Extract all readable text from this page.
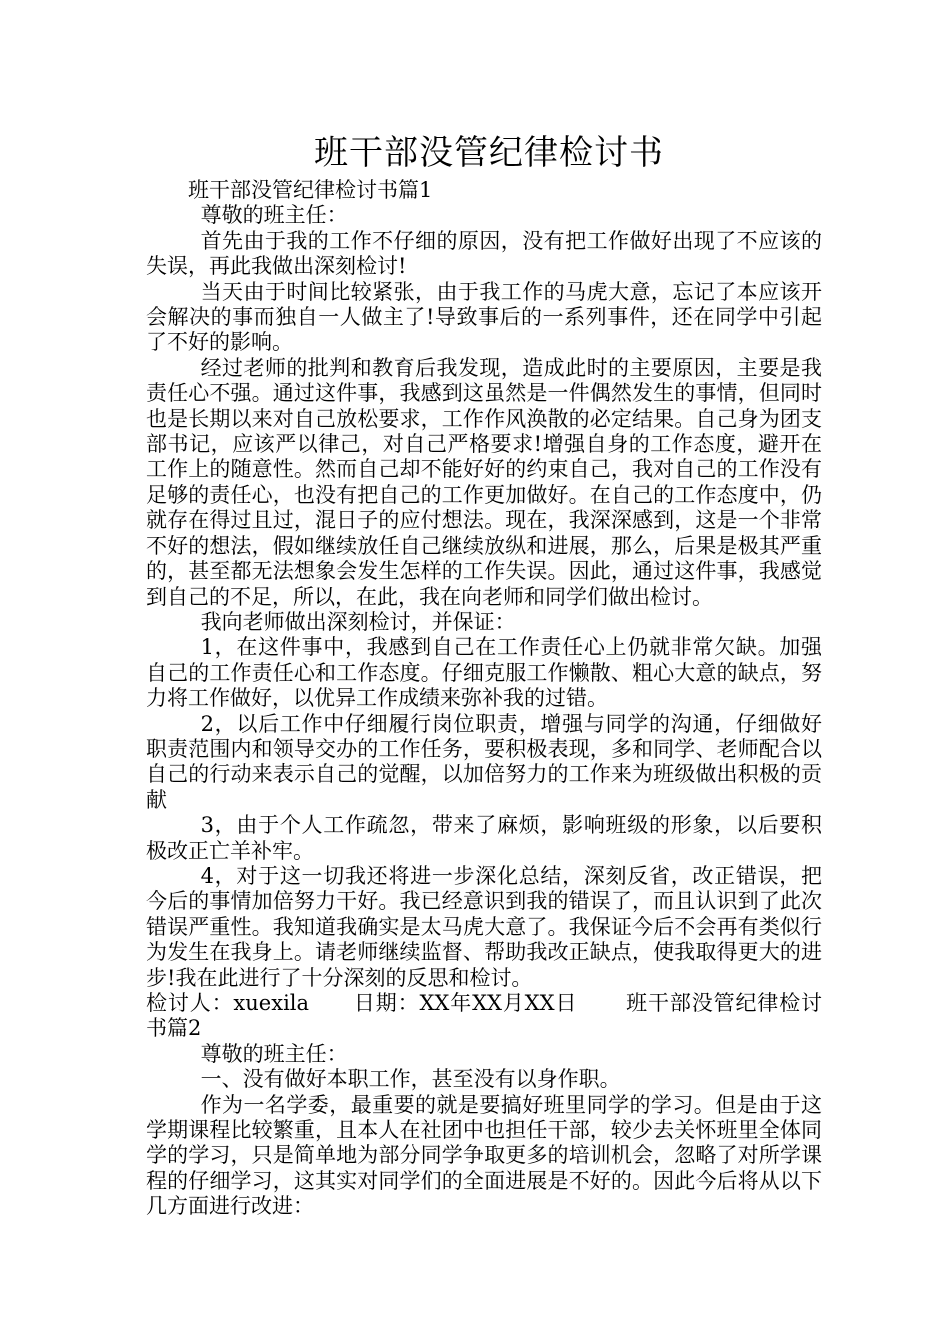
班干部没管纪律检讨书

班干部没管纪律检讨书篇1

尊敬的班主任：

首先由于我的工作不仔细的原因，没有把工作做好出现了不应该的失误，再此我做出深刻检讨!

当天由于时间比较紧张，由于我工作的马虎大意，忘记了本应该开会解决的事而独自一人做主了!导致事后的一系列事件，还在同学中引起了不好的影响。

经过老师的批判和教育后我发现，造成此时的主要原因，主要是我责任心不强。通过这件事，我感到这虽然是一件偶然发生的事情，但同时也是长期以来对自己放松要求，工作作风涣散的必定结果。自己身为团支部书记，应该严以律己，对自己严格要求!增强自身的工作态度，避开在工作上的随意性。然而自己却不能好好的约束自己，我对自己的工作没有足够的责任心，也没有把自己的工作更加做好。在自己的工作态度中，仍就存在得过且过，混日子的应付想法。现在，我深深感到，这是一个非常不好的想法，假如继续放任自己继续放纵和进展，那么，后果是极其严重的，甚至都无法想象会发生怎样的工作失误。因此，通过这件事，我感觉到自己的不足，所以，在此，我在向老师和同学们做出检讨。

我向老师做出深刻检讨，并保证：

1，在这件事中，我感到自己在工作责任心上仍就非常欠缺。加强自己的工作责任心和工作态度。仔细克服工作懒散、粗心大意的缺点，努力将工作做好，以优异工作成绩来弥补我的过错。

2，以后工作中仔细履行岗位职责，增强与同学的沟通，仔细做好职责范围内和领导交办的工作任务，要积极表现，多和同学、老师配合以自己的行动来表示自己的觉醒，以加倍努力的工作来为班级做出积极的贡献

3，由于个人工作疏忽，带来了麻烦，影响班级的形象，以后要积极改正亡羊补牢。

4，对于这一切我还将进一步深化总结，深刻反省，改正错误，把今后的事情加倍努力干好。我已经意识到我的错误了，而且认识到了此次错误严重性。我知道我确实是太马虎大意了。我保证今后不会再有类似行为发生在我身上。请老师继续监督、帮助我改正缺点，使我取得更大的进步!我在此进行了十分深刻的反思和检讨。

检讨人：xuexila 日期：XX年XX月XX日 班干部没管纪律检讨书篇2

尊敬的班主任：

一、没有做好本职工作，甚至没有以身作职。

作为一名学委，最重要的就是要搞好班里同学的学习。但是由于这学期课程比较繁重，且本人在社团中也担任干部，较少去关怀班里全体同学的学习，只是简单地为部分同学争取更多的培训机会，忽略了对所学课程的仔细学习，这其实对同学们的全面进展是不好的。因此今后将从以下几方面进行改进：
